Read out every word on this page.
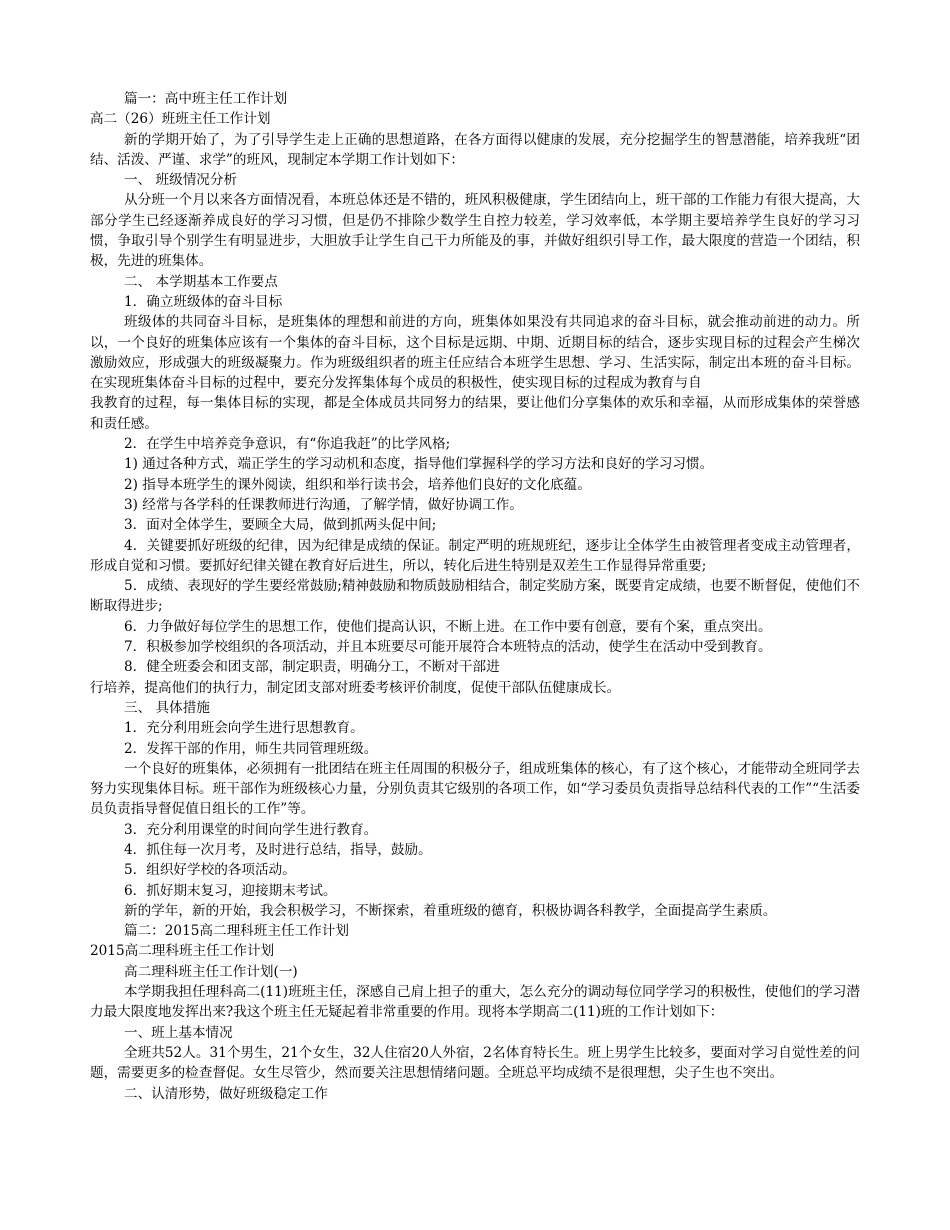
篇一：高中班主任工作计划

高二（26）班班主任工作计划

新的学期开始了，为了引导学生走上正确的思想道路，在各方面得以健康的发展，充分挖掘学生的智慧潜能，培养我班“团结、活泼、严谨、求学”的班风，现制定本学期工作计划如下：

一、 班级情况分析

从分班一个月以来各方面情况看，本班总体还是不错的，班风积极健康，学生团结向上，班干部的工作能力有很大提高，大部分学生已经逐渐养成良好的学习习惯，但是仍不排除少数学生自控力较差，学习效率低，本学期主要培养学生良好的学习习惯，争取引导个别学生有明显进步，大胆放手让学生自己干力所能及的事，并做好组织引导工作，最大限度的营造一个团结，积极，先进的班集体。

二、 本学期基本工作要点

1．确立班级体的奋斗目标

班级体的共同奋斗目标，是班集体的理想和前进的方向，班集体如果没有共同追求的奋斗目标，就会推动前进的动力。所以，一个良好的班集体应该有一个集体的奋斗目标，这个目标是远期、中期、近期目标的结合，逐步实现目标的过程会产生梯次激励效应，形成强大的班级凝聚力。作为班级组织者的班主任应结合本班学生思想、学习、生活实际，制定出本班的奋斗目标。在实现班集体奋斗目标的过程中，要充分发挥集体每个成员的积极性，使实现目标的过程成为教育与自

我教育的过程，每一集体目标的实现，都是全体成员共同努力的结果，要让他们分享集体的欢乐和幸福，从而形成集体的荣誉感和责任感。

2．在学生中培养竞争意识，有“你追我赶”的比学风格;

1) 通过各种方式，端正学生的学习动机和态度，指导他们掌握科学的学习方法和良好的学习习惯。

2) 指导本班学生的课外阅读，组织和举行读书会，培养他们良好的文化底蕴。

3) 经常与各学科的任课教师进行沟通，了解学情，做好协调工作。

3．面对全体学生，要顾全大局，做到抓两头促中间;

4．关键要抓好班级的纪律，因为纪律是成绩的保证。制定严明的班规班纪，逐步让全体学生由被管理者变成主动管理者，形成自觉和习惯。要抓好纪律关键在教育好后进生，所以，转化后进生特别是双差生工作显得异常重要;

5．成绩、表现好的学生要经常鼓励;精神鼓励和物质鼓励相结合，制定奖励方案，既要肯定成绩，也要不断督促，使他们不断取得进步;

6．力争做好每位学生的思想工作，使他们提高认识，不断上进。在工作中要有创意，要有个案，重点突出。

7．积极参加学校组织的各项活动，并且本班要尽可能开展符合本班特点的活动，使学生在活动中受到教育。

8．健全班委会和团支部，制定职责，明确分工，不断对干部进

行培养，提高他们的执行力，制定团支部对班委考核评价制度，促使干部队伍健康成长。

三、 具体措施

1．充分利用班会向学生进行思想教育。

2．发挥干部的作用，师生共同管理班级。

一个良好的班集体，必须拥有一批团结在班主任周围的积极分子，组成班集体的核心，有了这个核心，才能带动全班同学去努力实现集体目标。班干部作为班级核心力量，分别负责其它级别的各项工作，如“学习委员负责指导总结科代表的工作”“生活委员负责指导督促值日组长的工作”等。

3．充分利用课堂的时间向学生进行教育。

4．抓住每一次月考，及时进行总结，指导，鼓励。

5．组织好学校的各项活动。

6．抓好期末复习，迎接期末考试。

新的学年，新的开始，我会积极学习，不断探索，着重班级的德育，积极协调各科教学，全面提高学生素质。

篇二：2015高二理科班主任工作计划

2015高二理科班主任工作计划

高二理科班主任工作计划(一)

本学期我担任理科高二(11)班班主任，深感自己肩上担子的重大，怎么充分的调动每位同学学习的积极性，使他们的学习潜力最大限度地发挥出来?我这个班主任无疑起着非常重要的作用。现将本学期高二(11)班的工作计划如下：

一、班上基本情况

全班共52人。31个男生，21个女生，32人住宿20人外宿，2名体育特长生。班上男学生比较多，要面对学习自觉性差的问题，需要更多的检查督促。女生尽管少，然而要关注思想情绪问题。全班总平均成绩不是很理想，尖子生也不突出。

二、认清形势，做好班级稳定工作
